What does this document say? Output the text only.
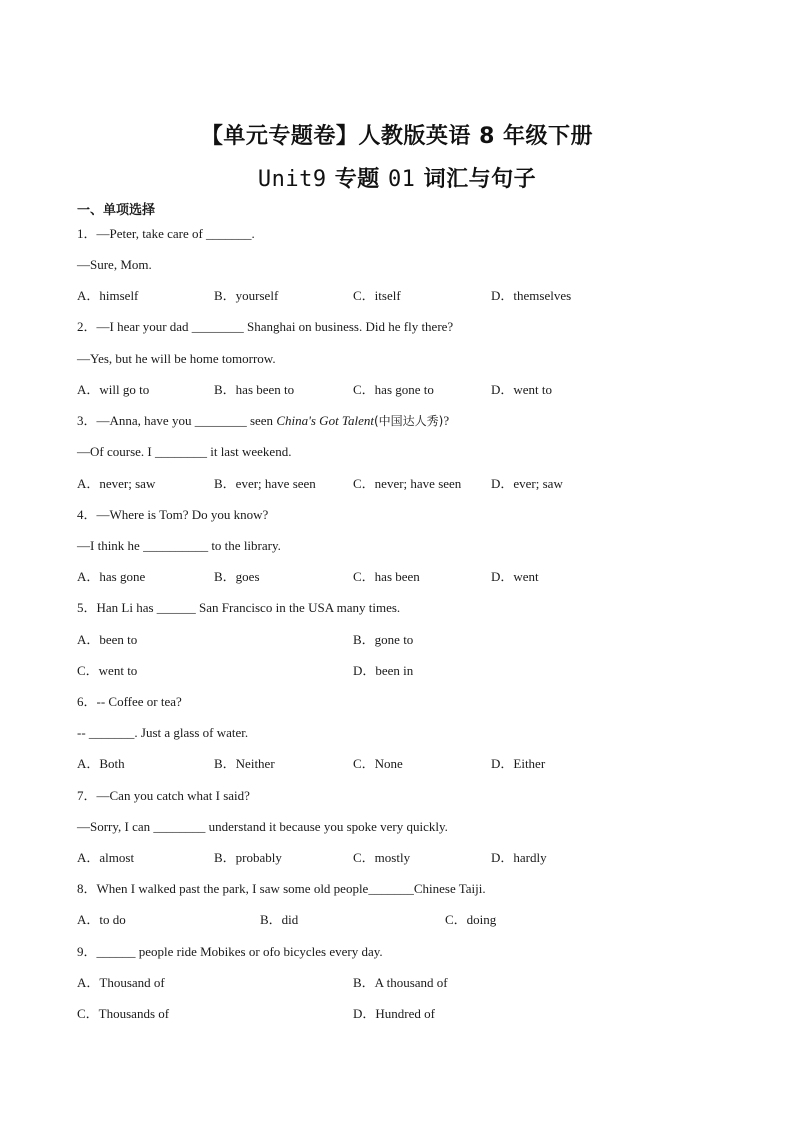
【单元专题卷】人教版英语 8 年级下册
Unit9 专题 01 词汇与句子
一、单项选择
1．—Peter, take care of _______.
—Sure, Mom.
A．himself	B．yourself	C．itself	D．themselves
2．—I hear your dad ________ Shanghai on business. Did he fly there?
—Yes, but he will be home tomorrow.
A．will go to	B．has been to	C．has gone to	D．went to
3．—Anna, have you ________ seen China's Got Talent(中国达人秀)?
—Of course. I ________ it last weekend.
A．never; saw	B．ever; have seen	C．never; have seen D．ever; saw
4．—Where is Tom? Do you know?
—I think he __________ to the library.
A．has gone	B．goes	C．has been	D．went
5．Han Li has ______ San Francisco in the USA many times.
A．been to	B．gone to
C．went to	D．been in
6．-- Coffee or tea?
-- _______. Just a glass of water.
A．Both	B．Neither	C．None	D．Either
7．—Can you catch what I said?
—Sorry, I can ________ understand it because you spoke very quickly.
A．almost	B．probably	C．mostly	D．hardly
8．When I walked past the park, I saw some old people_______Chinese Taiji.
A．to do	B．did	C．doing
9．______ people ride Mobikes or ofo bicycles every day.
A．Thousand of	B．A thousand of
C．Thousands of	D．Hundred of
